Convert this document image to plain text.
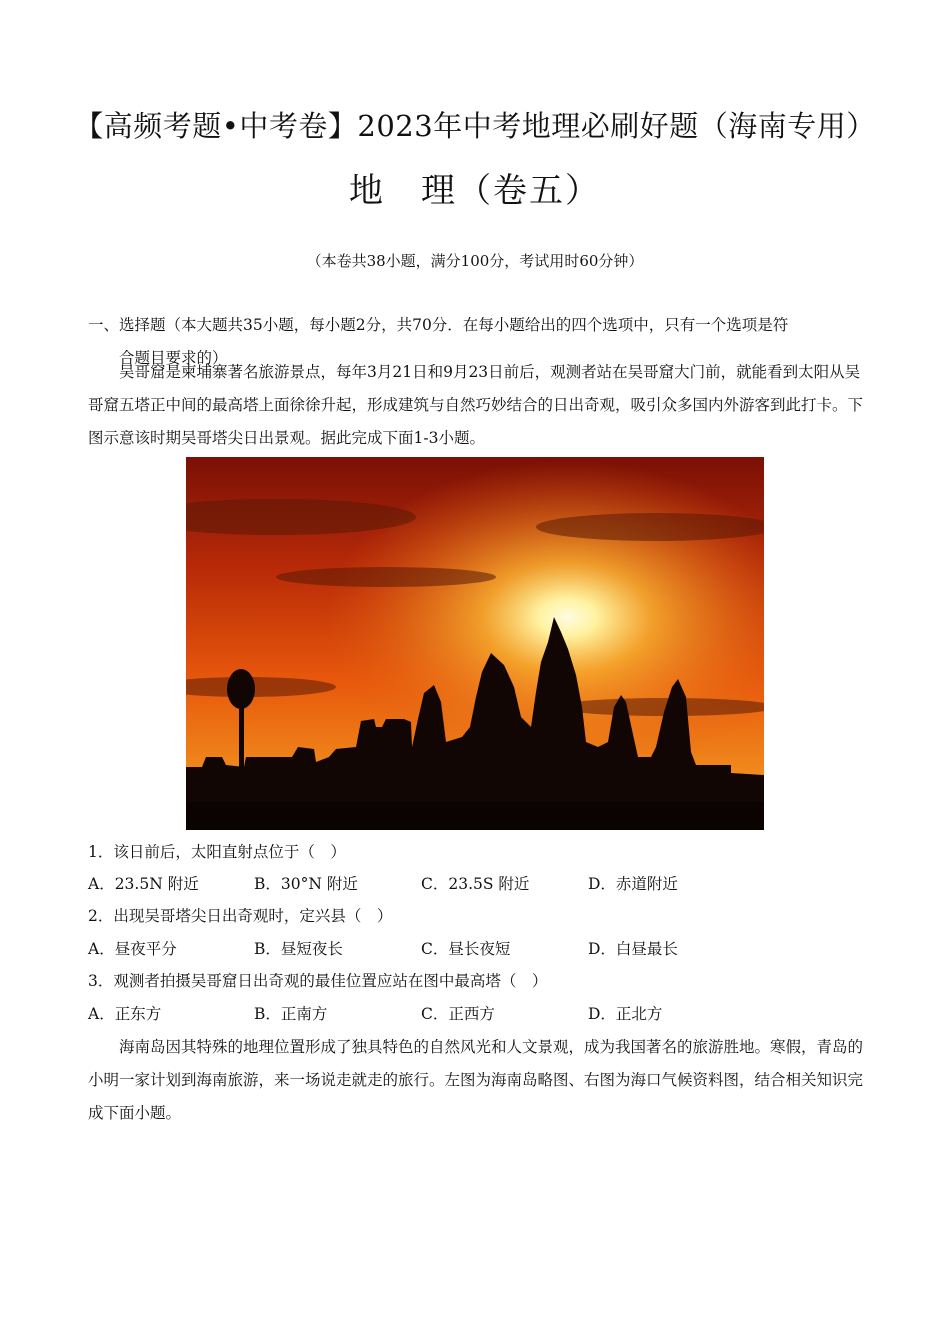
【高频考题•中考卷】2023年中考地理必刷好题（海南专用）
地　理（卷五）
（本卷共38小题，满分100分，考试用时60分钟）
一、选择题（本大题共35小题，每小题2分，共70分．在每小题给出的四个选项中，只有一个选项是符
合题目要求的）
吴哥窟是柬埔寨著名旅游景点，每年3月21日和9月23日前后，观测者站在吴哥窟大门前，就能看到太阳从吴哥窟五塔正中间的最高塔上面徐徐升起，形成建筑与自然巧妙结合的日出奇观，吸引众多国内外游客到此打卡。下图示意该时期吴哥塔尖日出景观。据此完成下面1-3小题。
1．该日前后，太阳直射点位于（　）
A．23.5N 附近	B．30°N 附近	C．23.5S 附近	D．赤道附近
2．出现吴哥塔尖日出奇观时，定兴县（　）
A．昼夜平分	B．昼短夜长	C．昼长夜短	D．白昼最长
3．观测者拍摄吴哥窟日出奇观的最佳位置应站在图中最高塔（　）
A．正东方	B．正南方	C．正西方	D．正北方
海南岛因其特殊的地理位置形成了独具特色的自然风光和人文景观，成为我国著名的旅游胜地。寒假，青岛的小明一家计划到海南旅游，来一场说走就走的旅行。左图为海南岛略图、右图为海口气候资料图，结合相关知识完成下面小题。
